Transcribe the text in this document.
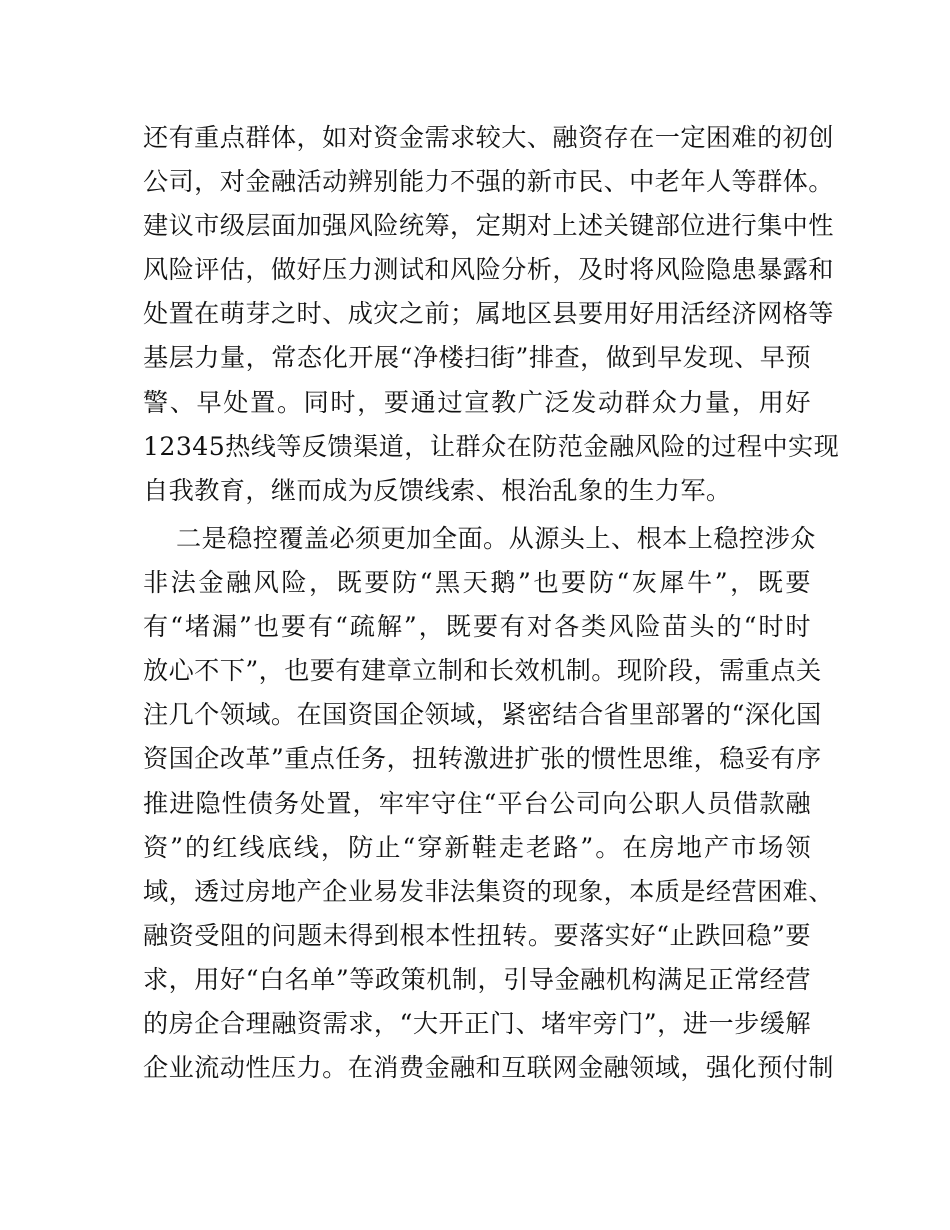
还有重点群体，如对资金需求较大、融资存在一定困难的初创
公司，对金融活动辨别能力不强的新市民、中老年人等群体。
建议市级层面加强风险统筹，定期对上述关键部位进行集中性
风险评估，做好压力测试和风险分析，及时将风险隐患暴露和
处置在萌芽之时、成灾之前；属地区县要用好用活经济网格等
基层力量，常态化开展“净楼扫街”排查，做到早发现、早预
警、早处置。同时，要通过宣教广泛发动群众力量，用好
12345热线等反馈渠道，让群众在防范金融风险的过程中实现
自我教育，继而成为反馈线索、根治乱象的生力军。
二是稳控覆盖必须更加全面。从源头上、根本上稳控涉众
非法金融风险，既要防“黑天鹅”也要防“灰犀牛”，既要
有“堵漏”也要有“疏解”，既要有对各类风险苗头的“时时
放心不下”，也要有建章立制和长效机制。现阶段，需重点关
注几个领域。在国资国企领域，紧密结合省里部署的“深化国
资国企改革”重点任务，扭转激进扩张的惯性思维，稳妥有序
推进隐性债务处置，牢牢守住“平台公司向公职人员借款融
资”的红线底线，防止“穿新鞋走老路”。在房地产市场领
域，透过房地产企业易发非法集资的现象，本质是经营困难、
融资受阻的问题未得到根本性扭转。要落实好“止跌回稳”要
求，用好“白名单”等政策机制，引导金融机构满足正常经营
的房企合理融资需求，“大开正门、堵牢旁门”，进一步缓解
企业流动性压力。在消费金融和互联网金融领域，强化预付制
